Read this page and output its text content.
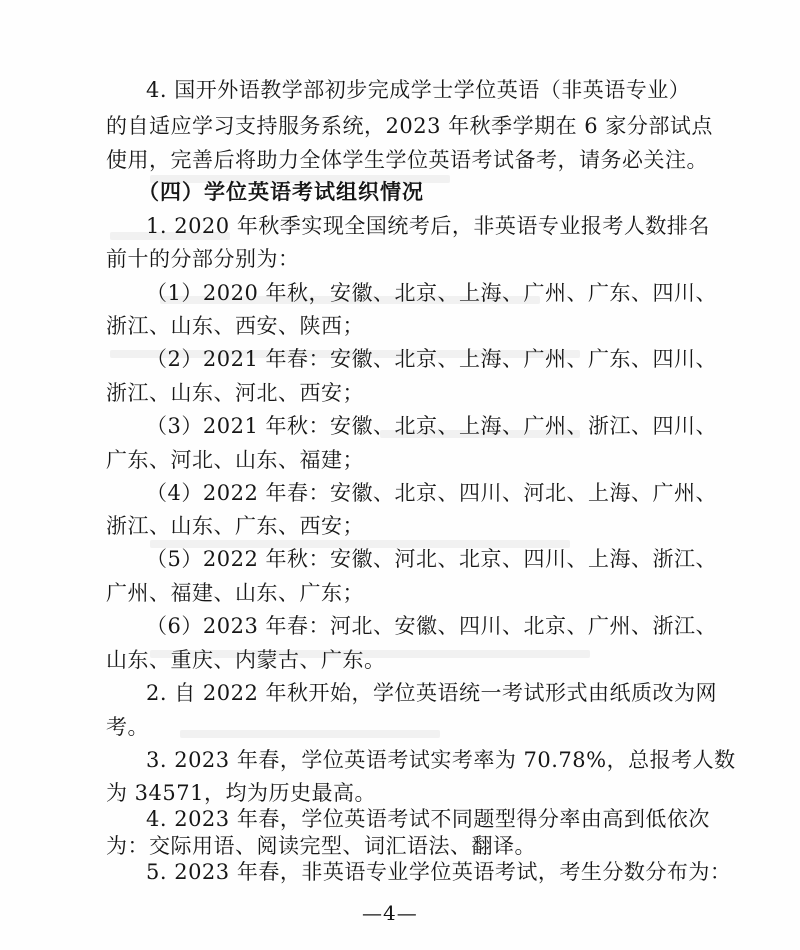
4. 国开外语教学部初步完成学士学位英语（非英语专业）
的自适应学习支持服务系统，2023 年秋季学期在 6 家分部试点
使用，完善后将助力全体学生学位英语考试备考，请务必关注。
（四）学位英语考试组织情况
1. 2020 年秋季实现全国统考后，非英语专业报考人数排名
前十的分部分别为：
（1）2020 年秋，安徽、北京、上海、广州、广东、四川、
浙江、山东、西安、陕西；
（2）2021 年春：安徽、北京、上海、广州、广东、四川、
浙江、山东、河北、西安；
（3）2021 年秋：安徽、北京、上海、广州、浙江、四川、
广东、河北、山东、福建；
（4）2022 年春：安徽、北京、四川、河北、上海、广州、
浙江、山东、广东、西安；
（5）2022 年秋：安徽、河北、北京、四川、上海、浙江、
广州、福建、山东、广东；
（6）2023 年春：河北、安徽、四川、北京、广州、浙江、
山东、重庆、内蒙古、广东。
2. 自 2022 年秋开始，学位英语统一考试形式由纸质改为网
考。
3. 2023 年春，学位英语考试实考率为 70.78%，总报考人数
为 34571，均为历史最高。
4. 2023 年春，学位英语考试不同题型得分率由高到低依次
为：交际用语、阅读完型、词汇语法、翻译。
5. 2023 年春，非英语专业学位英语考试，考生分数分布为：
—4—
